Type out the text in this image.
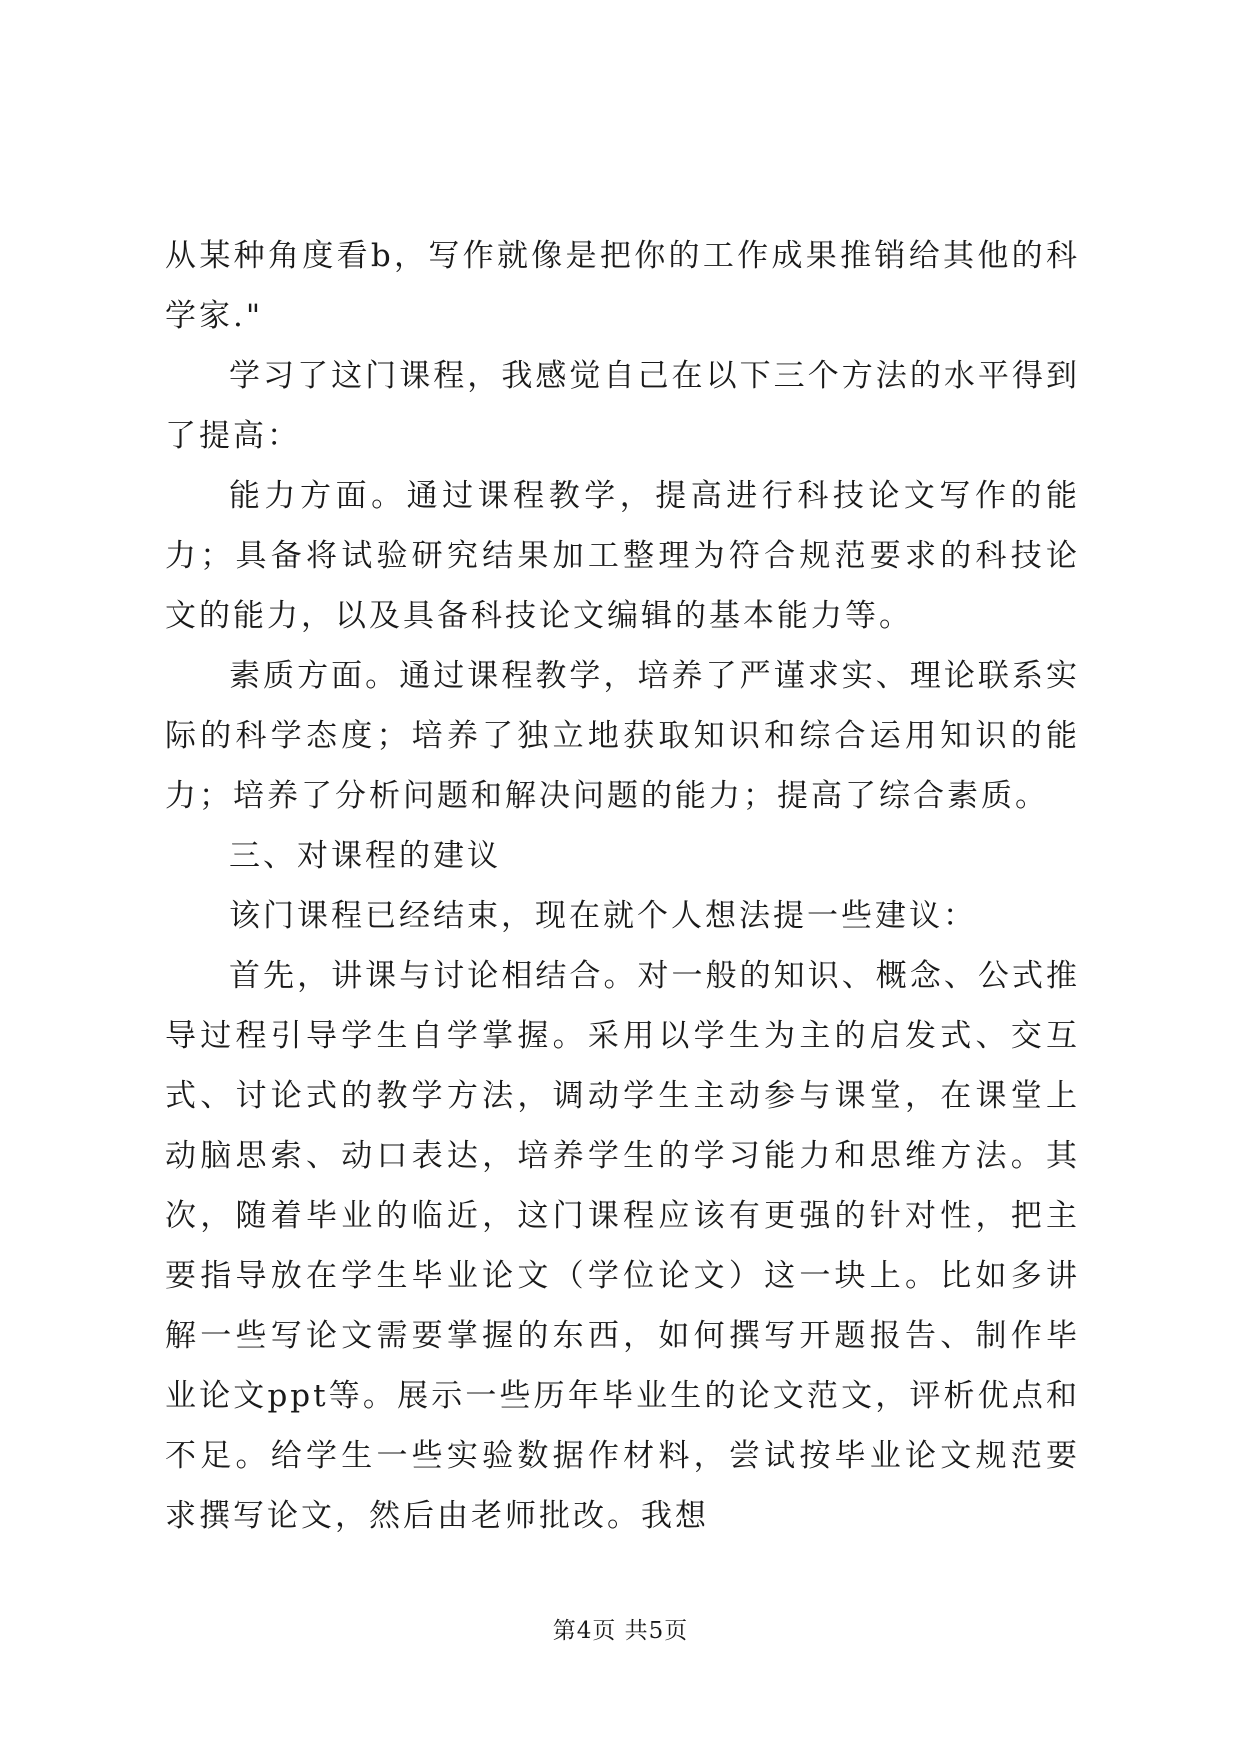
从某种角度看b，写作就像是把你的工作成果推销给其他的科学家."

学习了这门课程，我感觉自己在以下三个方法的水平得到了提高：

能力方面。通过课程教学，提高进行科技论文写作的能力；具备将试验研究结果加工整理为符合规范要求的科技论文的能力，以及具备科技论文编辑的基本能力等。

素质方面。通过课程教学，培养了严谨求实、理论联系实际的科学态度；培养了独立地获取知识和综合运用知识的能力；培养了分析问题和解决问题的能力；提高了综合素质。

三、对课程的建议

该门课程已经结束，现在就个人想法提一些建议：

首先，讲课与讨论相结合。对一般的知识、概念、公式推导过程引导学生自学掌握。采用以学生为主的启发式、交互式、讨论式的教学方法，调动学生主动参与课堂，在课堂上动脑思索、动口表达，培养学生的学习能力和思维方法。其次，随着毕业的临近，这门课程应该有更强的针对性，把主要指导放在学生毕业论文（学位论文）这一块上。比如多讲解一些写论文需要掌握的东西，如何撰写开题报告、制作毕业论文ppt等。展示一些历年毕业生的论文范文，评析优点和不足。给学生一些实验数据作材料，尝试按毕业论文规范要求撰写论文，然后由老师批改。我想

第4页 共5页
